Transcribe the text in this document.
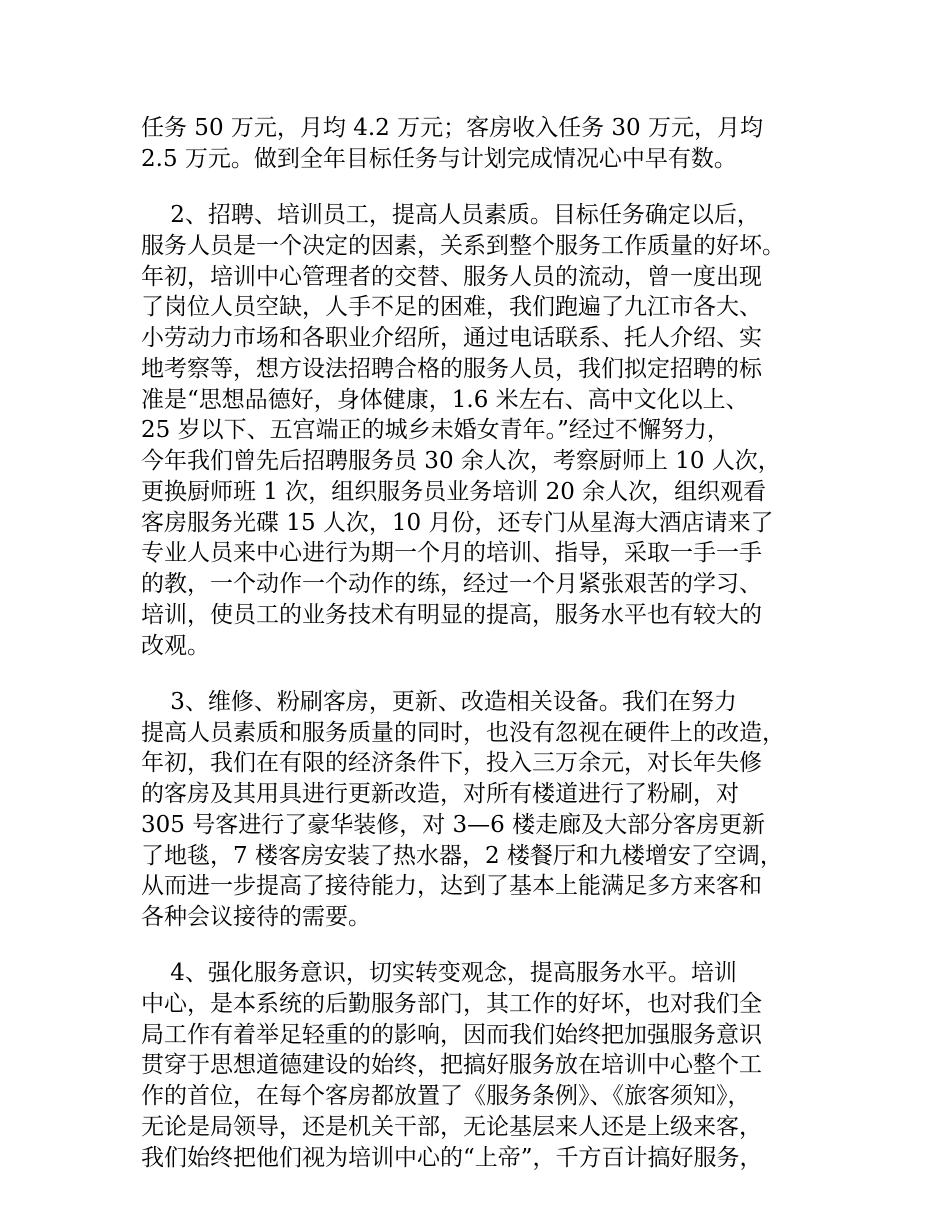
任务 50 万元，月均 4.2 万元；客房收入任务 30 万元，月均
2.5 万元。做到全年目标任务与计划完成情况心中早有数。
2、招聘、培训员工，提高人员素质。目标任务确定以后，
服务人员是一个决定的因素，关系到整个服务工作质量的好坏。
年初，培训中心管理者的交替、服务人员的流动，曾一度出现
了岗位人员空缺，人手不足的困难，我们跑遍了九江市各大、
小劳动力市场和各职业介绍所，通过电话联系、托人介绍、实
地考察等，想方设法招聘合格的服务人员，我们拟定招聘的标
准是“思想品德好，身体健康，1.6 米左右、高中文化以上、
25 岁以下、五宫端正的城乡未婚女青年。”经过不懈努力，
今年我们曾先后招聘服务员 30 余人次，考察厨师上 10 人次，
更换厨师班 1 次，组织服务员业务培训 20 余人次，组织观看
客房服务光碟 15 人次，10 月份，还专门从星海大酒店请来了
专业人员来中心进行为期一个月的培训、指导，采取一手一手
的教，一个动作一个动作的练，经过一个月紧张艰苦的学习、
培训，使员工的业务技术有明显的提高，服务水平也有较大的
改观。
3、维修、粉刷客房，更新、改造相关设备。我们在努力
提高人员素质和服务质量的同时，也没有忽视在硬件上的改造，
年初，我们在有限的经济条件下，投入三万余元，对长年失修
的客房及其用具进行更新改造，对所有楼道进行了粉刷，对
305 号客进行了豪华装修，对 3—6 楼走廊及大部分客房更新
了地毯，7 楼客房安装了热水器，2 楼餐厅和九楼增安了空调，
从而进一步提高了接待能力，达到了基本上能满足多方来客和
各种会议接待的需要。
4、强化服务意识，切实转变观念，提高服务水平。培训
中心，是本系统的后勤服务部门，其工作的好坏，也对我们全
局工作有着举足轻重的的影响，因而我们始终把加强服务意识
贯穿于思想道德建设的始终，把搞好服务放在培训中心整个工
作的首位，在每个客房都放置了《服务条例》、《旅客须知》，
无论是局领导，还是机关干部，无论基层来人还是上级来客，
我们始终把他们视为培训中心的“上帝”，千方百计搞好服务，
